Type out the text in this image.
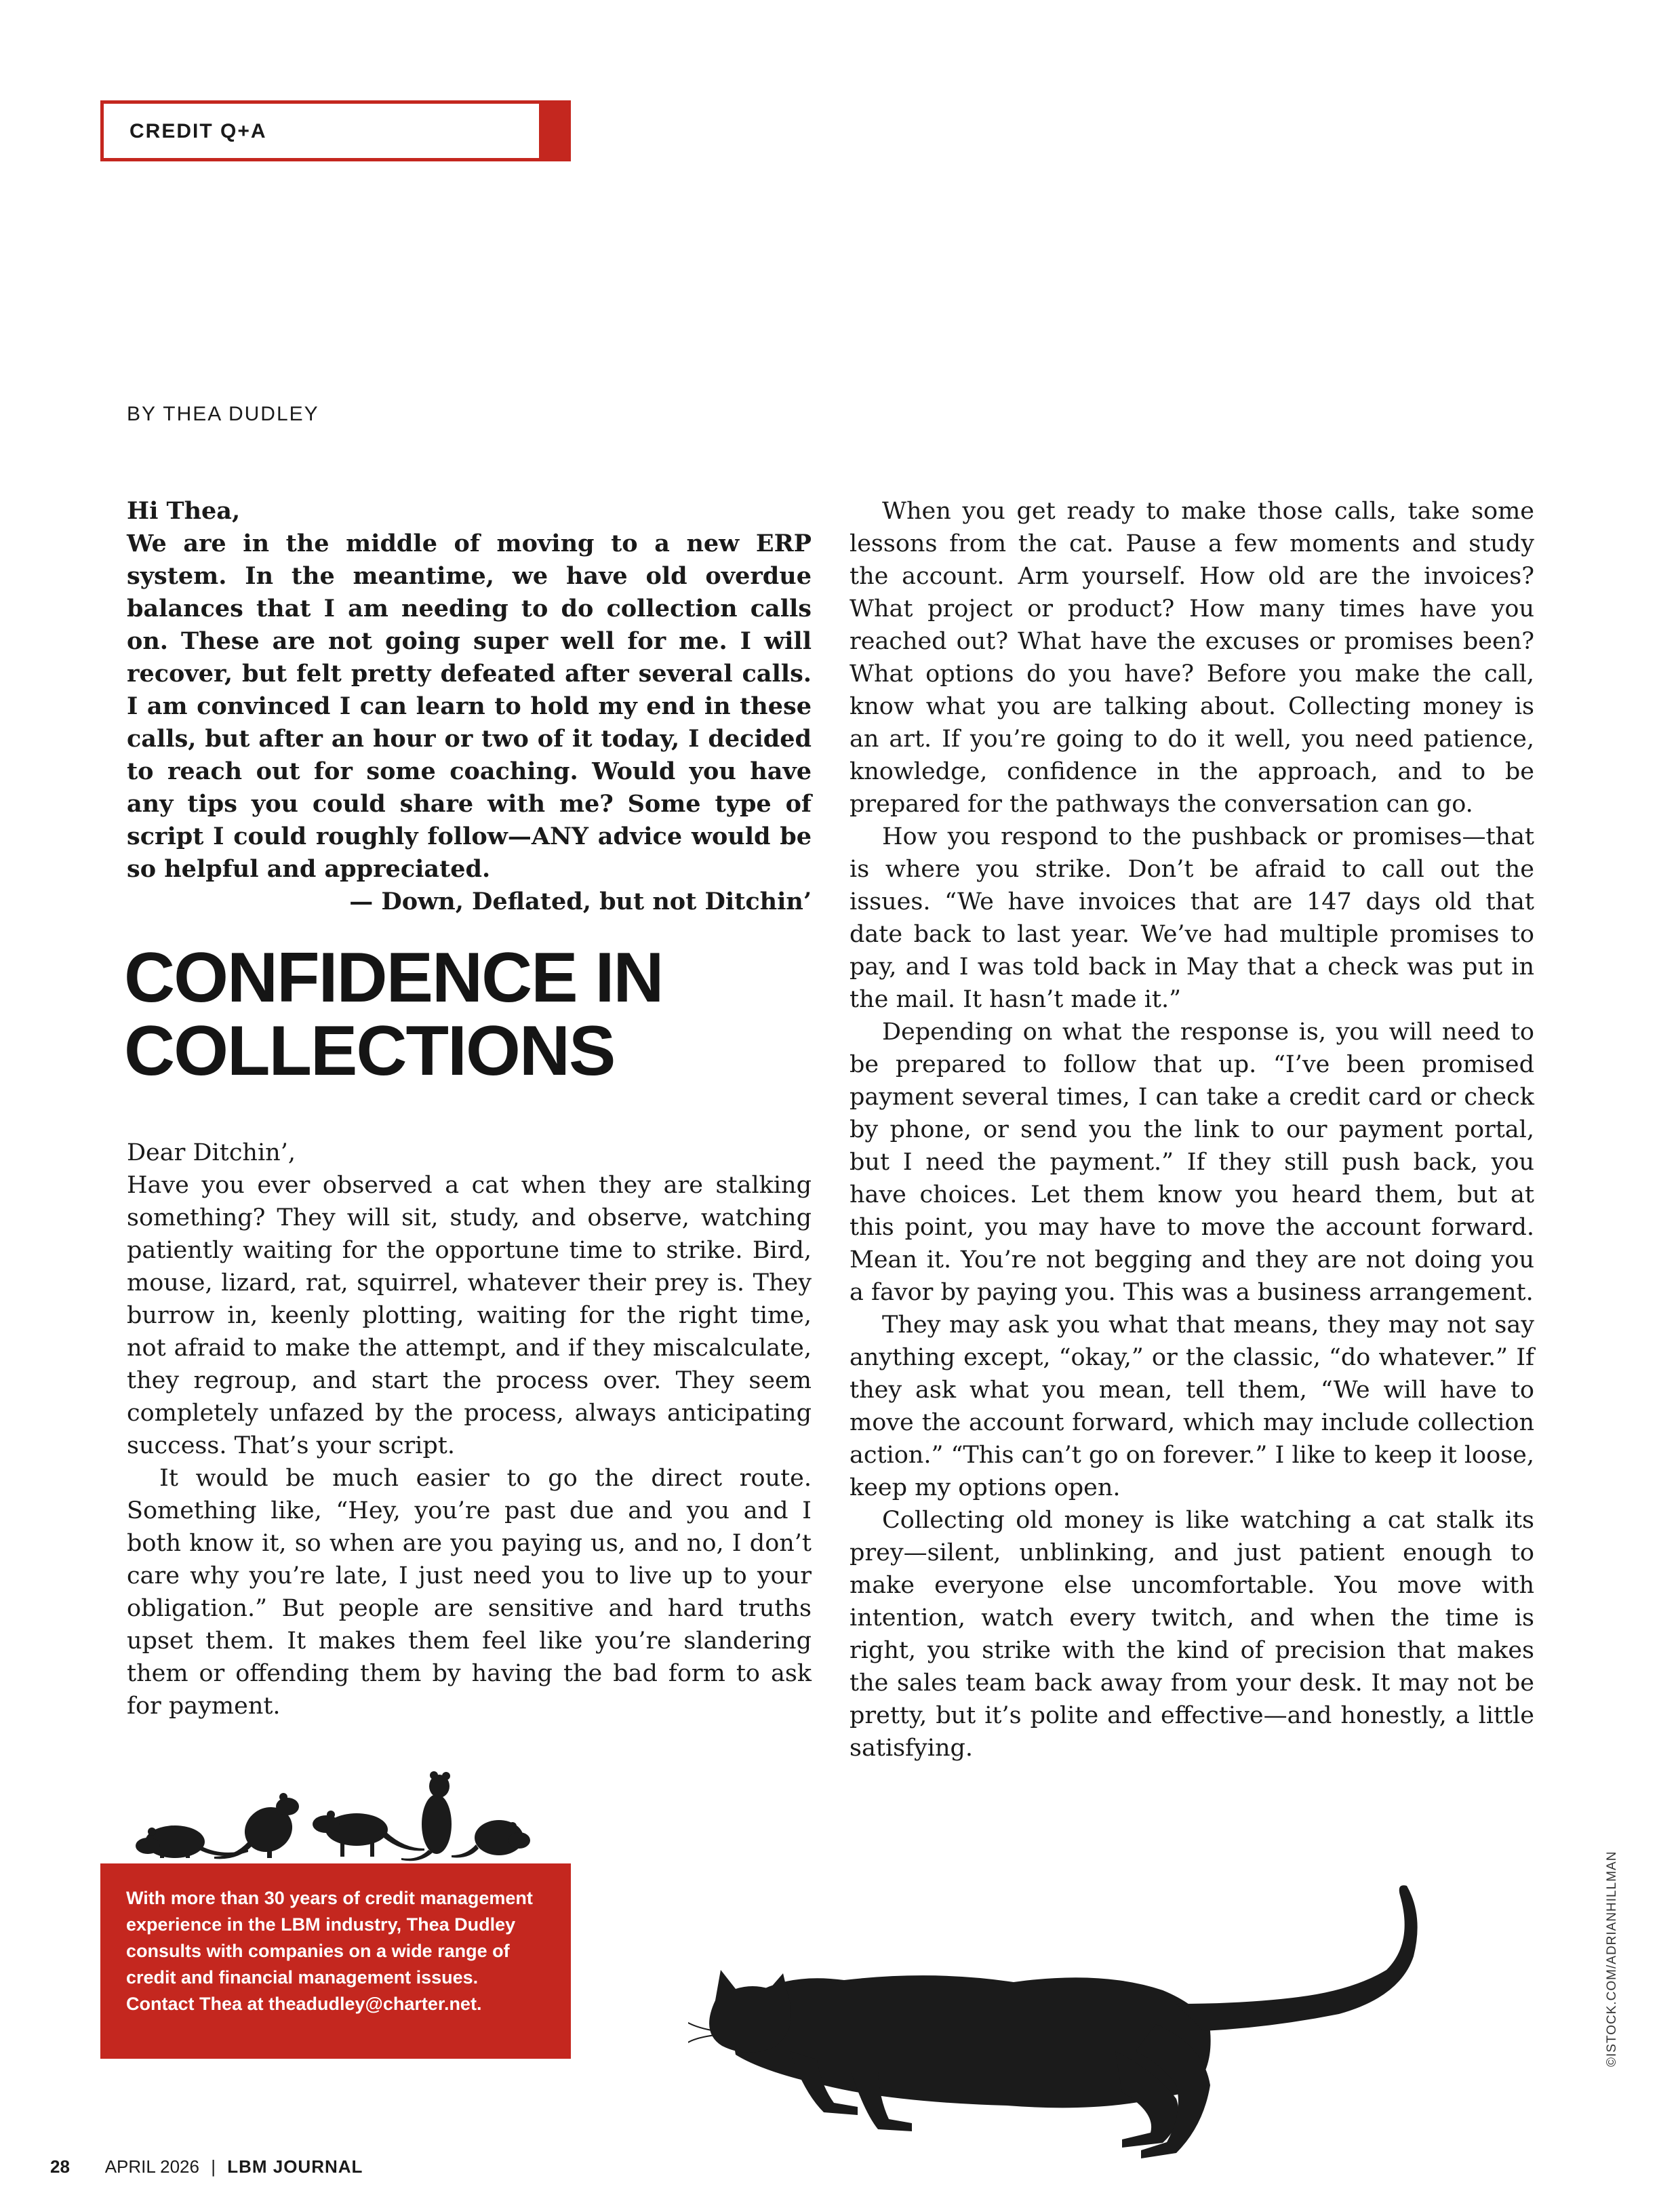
CREDIT Q+A
BY THEA DUDLEY

Hi Thea,

We are in the middle of moving to a new ERP system. In the meantime, we have old overdue balances that I am needing to do collection calls on. These are not going super well for me. I will recover, but felt pretty defeated after several calls. I am convinced I can learn to hold my end in these calls, but after an hour or two of it today, I decided to reach out for some coaching. Would you have any tips you could share with me? Some type of script I could roughly follow—ANY advice would be so helpful and appreciated.

— Down, Deflated, but not Ditchin’

CONFIDENCE IN
COLLECTIONS

Dear Ditchin’,

Have you ever observed a cat when they are stalking something? They will sit, study, and observe, watching patiently waiting for the opportune time to strike. Bird, mouse, lizard, rat, squirrel, whatever their prey is. They burrow in, keenly plotting, waiting for the right time, not afraid to make the attempt, and if they miscalculate, they regroup, and start the process over. They seem completely unfazed by the process, always anticipating success. That’s your script.

It would be much easier to go the direct route. Something like, “Hey, you’re past due and you and I both know it, so when are you paying us, and no, I don’t care why you’re late, I just need you to live up to your obligation.” But people are sensitive and hard truths upset them. It makes them feel like you’re slandering them or offending them by having the bad form to ask for payment.

When you get ready to make those calls, take some lessons from the cat. Pause a few moments and study the account. Arm yourself. How old are the invoices? What project or product? How many times have you reached out? What have the excuses or promises been? What options do you have? Before you make the call, know what you are talking about. Collecting money is an art. If you’re going to do it well, you need patience, knowledge, confidence in the approach, and to be prepared for the pathways the conversation can go.

How you respond to the pushback or promises—that is where you strike. Don’t be afraid to call out the issues. “We have invoices that are 147 days old that date back to last year. We’ve had multiple promises to pay, and I was told back in May that a check was put in the mail. It hasn’t made it.”

Depending on what the response is, you will need to be prepared to follow that up. “I’ve been promised payment several times, I can take a credit card or check by phone, or send you the link to our payment portal, but I need the payment.” If they still push back, you have choices. Let them know you heard them, but at this point, you may have to move the account forward. Mean it. You’re not begging and they are not doing you a favor by paying you. This was a business arrangement.

They may ask you what that means, they may not say anything except, “okay,” or the classic, “do whatever.” If they ask what you mean, tell them, “We will have to move the account forward, which may include collection action.” “This can’t go on forever.” I like to keep it loose, keep my options open.

Collecting old money is like watching a cat stalk its prey—silent, unblinking, and just patient enough to make everyone else uncomfortable. You move with intention, watch every twitch, and when the time is right, you strike with the kind of precision that makes the sales team back away from your desk. It may not be pretty, but it’s polite and effective—and honestly, a little satisfying.

With more than 30 years of credit management experience in the LBM industry, Thea Dudley consults with companies on a wide range of credit and financial management issues. Contact Thea at theadudley@charter.net.	©ISTOCK.COM/ADRIANHILLMAN
28 APRIL 2026 | LBM JOURNAL
